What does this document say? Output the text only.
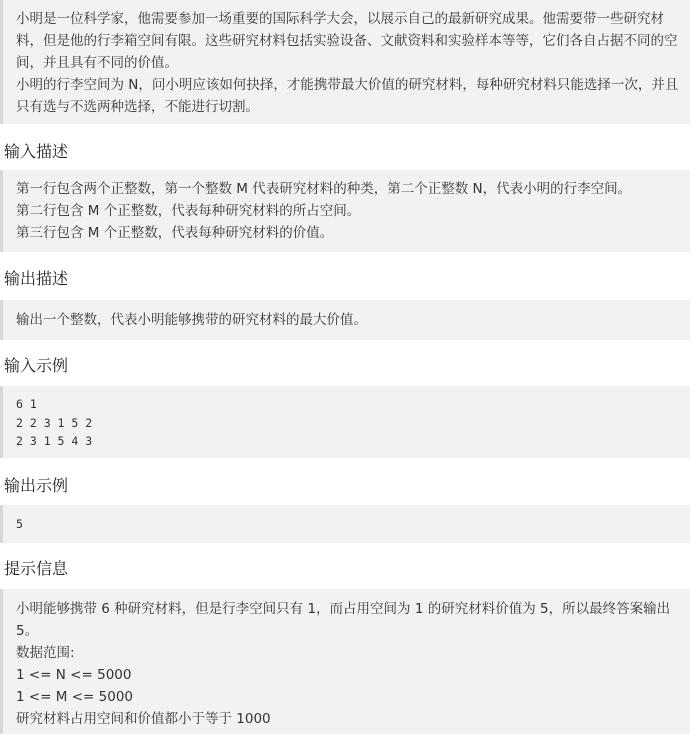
小明是一位科学家，他需要参加一场重要的国际科学大会，以展示自己的最新研究成果。他需要带一些研究材料，但是他的行李箱空间有限。这些研究材料包括实验设备、文献资料和实验样本等等，它们各自占据不同的空间，并且具有不同的价值。

小明的行李空间为 N，问小明应该如何抉择，才能携带最大价值的研究材料，每种研究材料只能选择一次，并且只有选与不选两种选择，不能进行切割。

输入描述

第一行包含两个正整数，第一个整数 M 代表研究材料的种类，第二个正整数 N，代表小明的行李空间。

第二行包含 M 个正整数，代表每种研究材料的所占空间。

第三行包含 M 个正整数，代表每种研究材料的价值。

输出描述

输出一个整数，代表小明能够携带的研究材料的最大价值。

输入示例
6 1
2 2 3 1 5 2
2 3 1 5 4 3
输出示例
5
提示信息

小明能够携带 6 种研究材料，但是行李空间只有 1，而占用空间为 1 的研究材料价值为 5，所以最终答案输出 5。

数据范围:

1 <= N <= 5000

1 <= M <= 5000

研究材料占用空间和价值都小于等于 1000
